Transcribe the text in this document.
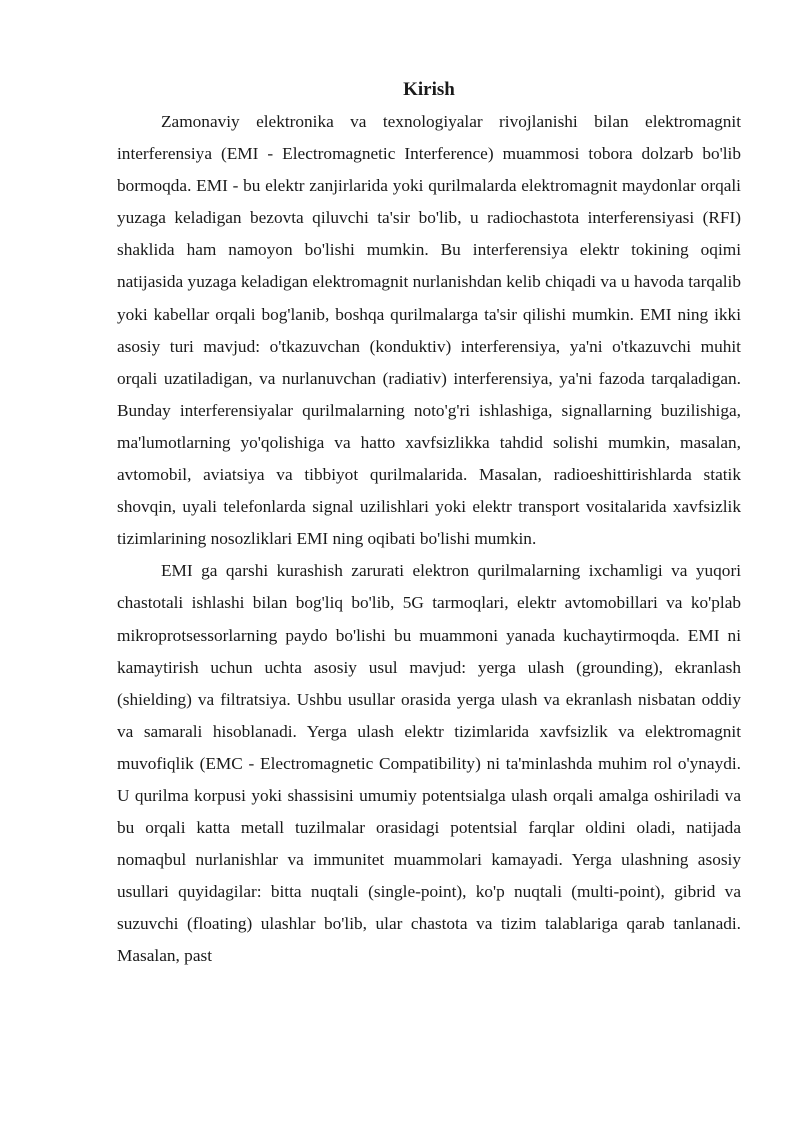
Kirish

Zamonaviy elektronika va texnologiyalar rivojlanishi bilan elektromagnit interferensiya (EMI - Electromagnetic Interference) muammosi tobora dolzarb bo'lib bormoqda. EMI - bu elektr zanjirlarida yoki qurilmalarda elektromagnit maydonlar orqali yuzaga keladigan bezovta qiluvchi ta'sir bo'lib, u radiochastota interferensiyasi (RFI) shaklida ham namoyon bo'lishi mumkin. Bu interferensiya elektr tokining oqimi natijasida yuzaga keladigan elektromagnit nurlanishdan kelib chiqadi va u havoda tarqalib yoki kabellar orqali bog'lanib, boshqa qurilmalarga ta'sir qilishi mumkin. EMI ning ikki asosiy turi mavjud: o'tkazuvchan (konduktiv) interferensiya, ya'ni o'tkazuvchi muhit orqali uzatiladigan, va nurlanuvchan (radiativ) interferensiya, ya'ni fazoda tarqaladigan. Bunday interferensiyalar qurilmalarning noto'g'ri ishlashiga, signallarning buzilishiga, ma'lumotlarning yo'qolishiga va hatto xavfsizlikka tahdid solishi mumkin, masalan, avtomobil, aviatsiya va tibbiyot qurilmalarida. Masalan, radioeshittirishlarda statik shovqin, uyali telefonlarda signal uzilishlari yoki elektr transport vositalarida xavfsizlik tizimlarining nosozliklari EMI ning oqibati bo'lishi mumkin.

EMI ga qarshi kurashish zarurati elektron qurilmalarning ixchamligi va yuqori chastotali ishlashi bilan bog'liq bo'lib, 5G tarmoqlari, elektr avtomobillari va ko'plab mikroprotsessorlarning paydo bo'lishi bu muammoni yanada kuchaytirmoqda. EMI ni kamaytirish uchun uchta asosiy usul mavjud: yerga ulash (grounding), ekranlash (shielding) va filtratsiya. Ushbu usullar orasida yerga ulash va ekranlash nisbatan oddiy va samarali hisoblanadi. Yerga ulash elektr tizimlarida xavfsizlik va elektromagnit muvofiqlik (EMC - Electromagnetic Compatibility) ni ta'minlashda muhim rol o'ynaydi. U qurilma korpusi yoki shassisini umumiy potentsialga ulash orqali amalga oshiriladi va bu orqali katta metall tuzilmalar orasidagi potentsial farqlar oldini oladi, natijada nomaqbul nurlanishlar va immunitet muammolari kamayadi. Yerga ulashning asosiy usullari quyidagilar: bitta nuqtali (single-point), ko'p nuqtali (multi-point), gibrid va suzuvchi (floating) ulashlar bo'lib, ular chastota va tizim talablariga qarab tanlanadi. Masalan, past
